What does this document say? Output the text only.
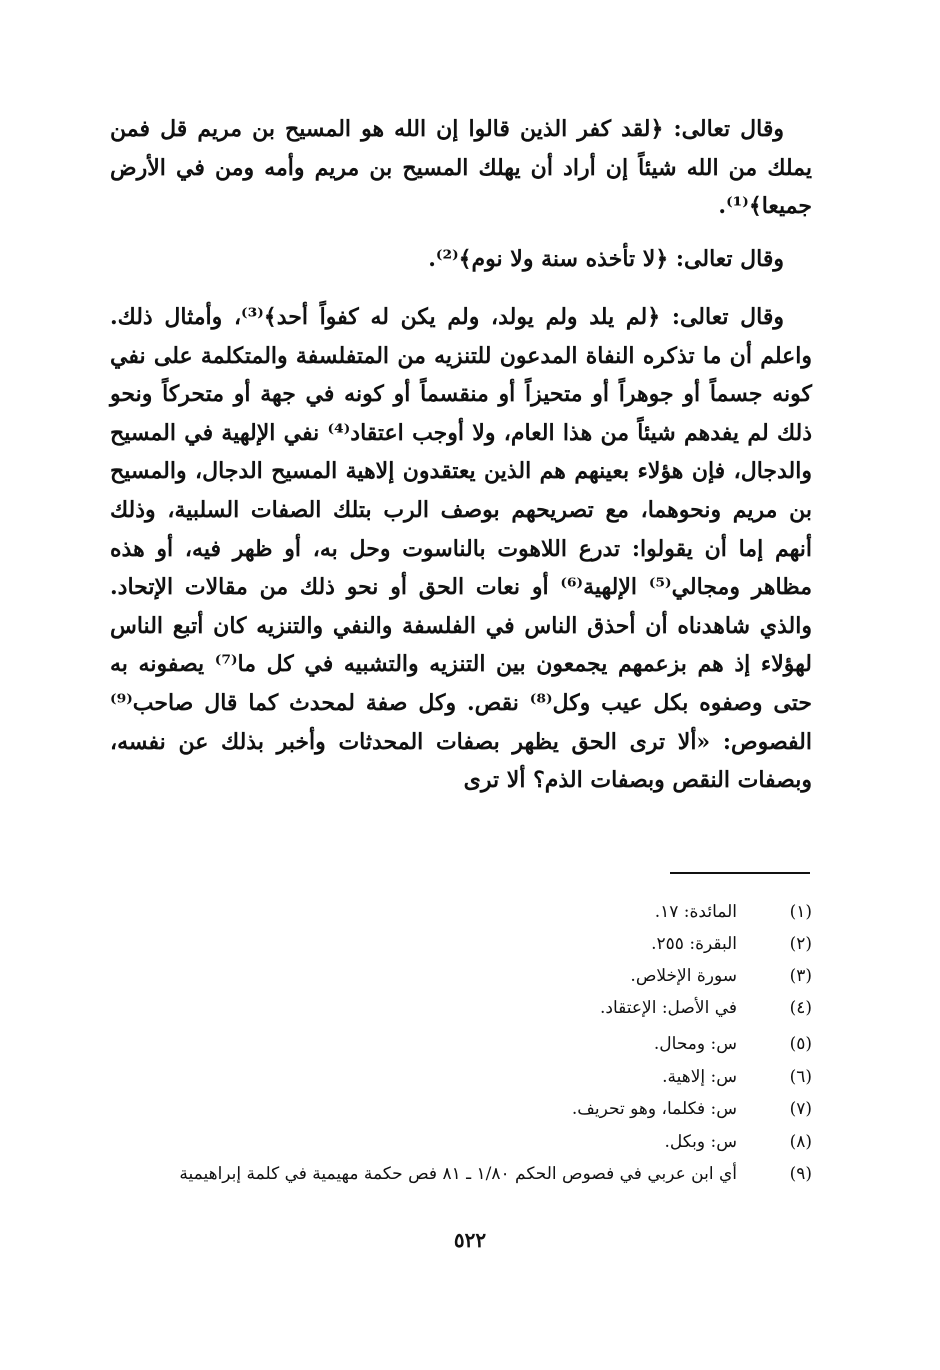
وقال تعالى: ﴿لقد كفر الذين قالوا إن الله هو المسيح بن مريم قل فمن يملك من الله شيئاً إن أراد أن يهلك المسيح بن مريم وأمه ومن في الأرض جميعا﴾⁽¹⁾.

وقال تعالى: ﴿لا تأخذه سنة ولا نوم﴾⁽²⁾.

وقال تعالى: ﴿لم يلد ولم يولد، ولم يكن له كفواً أحد﴾⁽³⁾، وأمثال ذلك. واعلم أن ما تذكره النفاة المدعون للتنزيه من المتفلسفة والمتكلمة على نفي كونه جسماً أو جوهراً أو متحيزاً أو منقسماً أو كونه في جهة أو متحركاً ونحو ذلك لم يفدهم شيئاً من هذا العام، ولا أوجب اعتقاد⁽⁴⁾ نفي الإلهية في المسيح والدجال، فإن هؤلاء بعينهم هم الذين يعتقدون إلاهية المسيح الدجال، والمسيح بن مريم ونحوهما، مع تصريحهم بوصف الرب بتلك الصفات السلبية، وذلك أنهم إما أن يقولوا: تدرع اللاهوت بالناسوت وحل به، أو ظهر فيه، أو هذه مظاهر ومجالي⁽⁵⁾ الإلهية⁽⁶⁾ أو نعات الحق أو نحو ذلك من مقالات الإتحاد. والذي شاهدناه أن أحذق الناس في الفلسفة والنفي والتنزيه كان أتبع الناس لهؤلاء إذ هم بزعمهم يجمعون بين التنزيه والتشبيه في كل ما⁽⁷⁾ يصفونه به حتى وصفوه بكل عيب وكل⁽⁸⁾ نقص. وكل صفة لمحدث كما قال صاحب⁽⁹⁾ الفصوص: «ألا ترى الحق يظهر بصفات المحدثات وأخبر بذلك عن نفسه، وبصفات النقص وبصفات الذم؟ ألا ترى

(١)
المائدة: ١٧.
(٢)
البقرة: ٢٥٥.
(٣)
سورة الإخلاص.
(٤)
في الأصل: الإعتقاد.
(٥)
س: ومحال.
(٦)
س: إلاهية.
(٧)
س: فكلما، وهو تحريف.
(٨)
س: وبكل.
(٩)
أي ابن عربي في فصوص الحكم ١/٨٠ ـ ٨١ فص حكمة مهيمية في كلمة إبراهيمية
٥٢٢
